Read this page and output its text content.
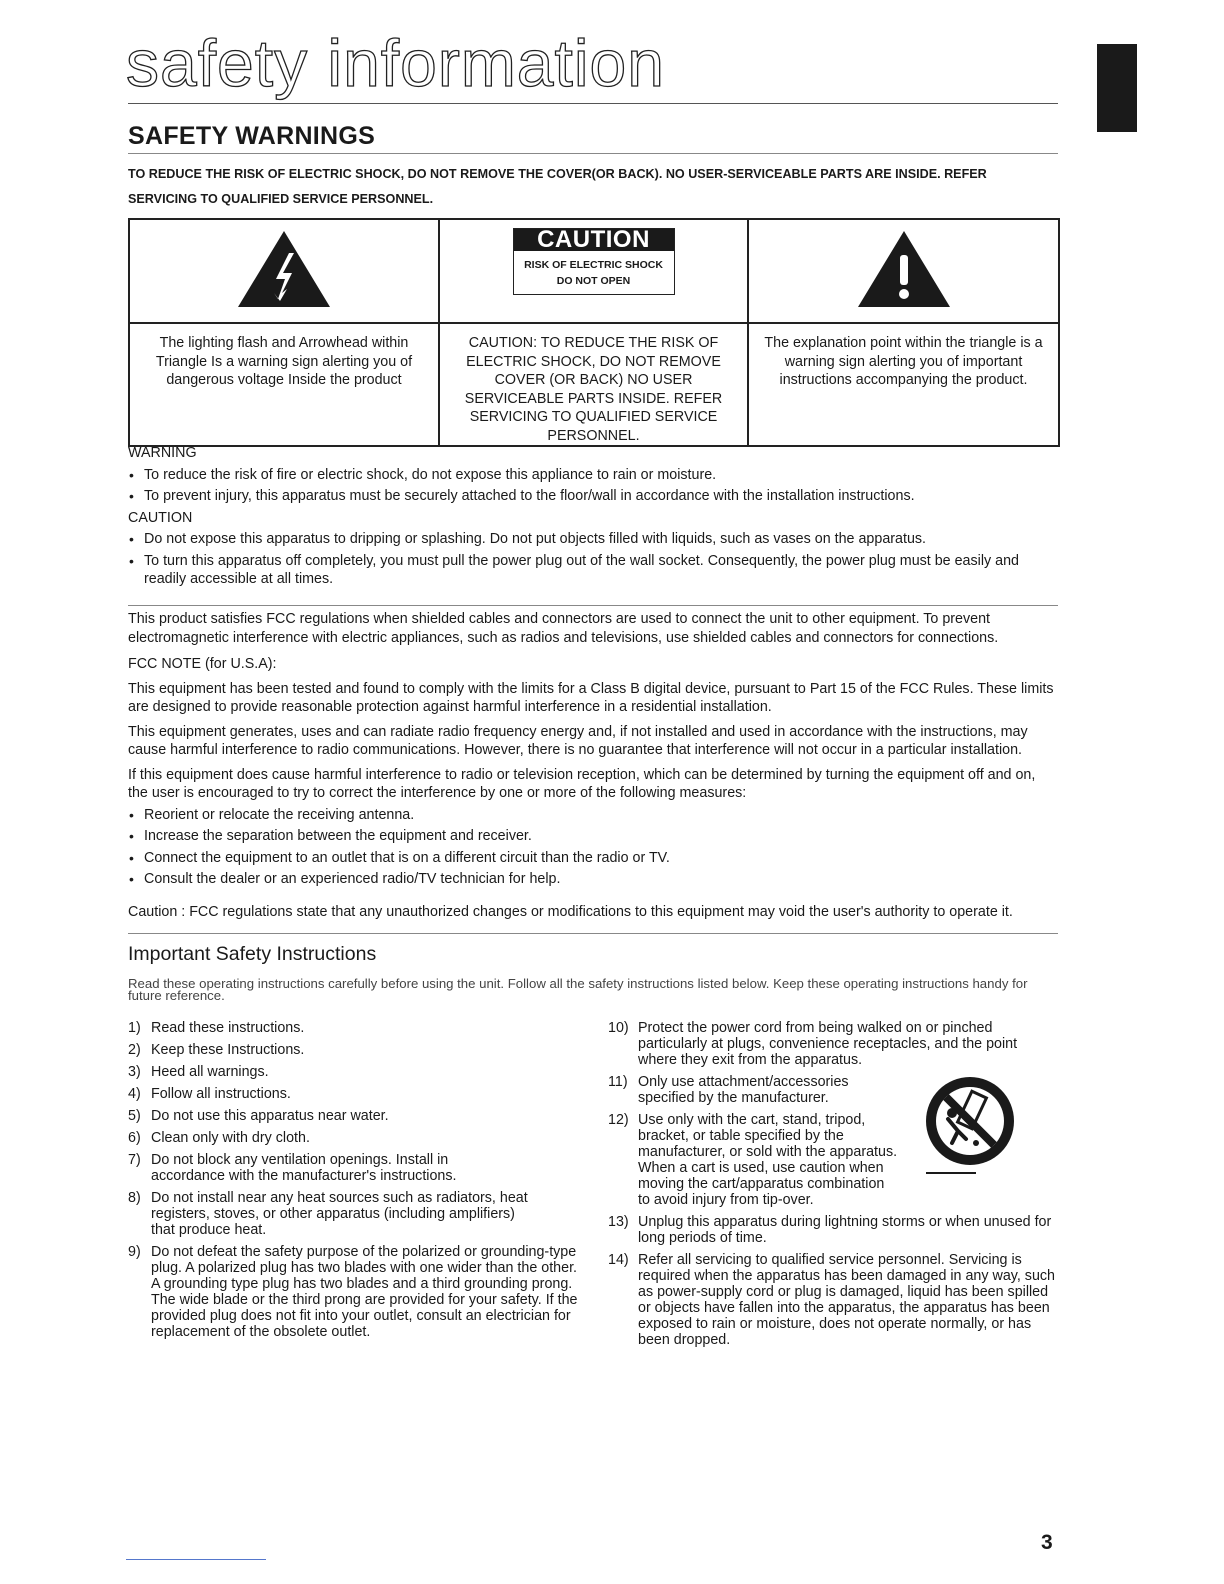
safety information
SAFETY WARNINGS
TO REDUCE THE RISK OF ELECTRIC SHOCK, DO NOT REMOVE THE COVER(OR BACK). NO USER-SERVICEABLE PARTS ARE INSIDE. REFER SERVICING TO QUALIFIED SERVICE PERSONNEL.

CAUTION
RISK OF ELECTRIC SHOCK
DO NOT OPEN

The lighting flash and Arrowhead within Triangle Is a warning sign alerting you of dangerous voltage Inside the product	CAUTION: TO REDUCE THE RISK OF ELECTRIC SHOCK, DO NOT REMOVE COVER (OR BACK) NO USER SERVICEABLE PARTS INSIDE. REFER SERVICING TO QUALIFIED SERVICE PERSONNEL.	The explanation point within the triangle is a warning sign alerting you of important instructions accompanying the product.
WARNING
• To reduce the risk of fire or electric shock, do not expose this appliance to rain or moisture.
• To prevent injury, this apparatus must be securely attached to the floor/wall in accordance with the installation instructions.
CAUTION
• Do not expose this apparatus to dripping or splashing. Do not put objects filled with liquids, such as vases on the apparatus.
• To turn this apparatus off completely, you must pull the power plug out of the wall socket. Consequently, the power plug must be easily and readily accessible at all times.
This product satisfies FCC regulations when shielded cables and connectors are used to connect the unit to other equipment. To prevent electromagnetic interference with electric appliances, such as radios and televisions, use shielded cables and connectors for connections.
FCC NOTE (for U.S.A):
This equipment has been tested and found to comply with the limits for a Class B digital device, pursuant to Part 15 of the FCC Rules. These limits are designed to provide reasonable protection against harmful interference in a residential installation.
This equipment generates, uses and can radiate radio frequency energy and, if not installed and used in accordance with the instructions, may cause harmful interference to radio communications. However, there is no guarantee that interference will not occur in a particular installation.
If this equipment does cause harmful interference to radio or television reception, which can be determined by turning the equipment off and on, the user is encouraged to try to correct the interference by one or more of the following measures:
• Reorient or relocate the receiving antenna.
• Increase the separation between the equipment and receiver.
• Connect the equipment to an outlet that is on a different circuit than the radio or TV.
• Consult the dealer or an experienced radio/TV technician for help.
Caution : FCC regulations state that any unauthorized changes or modifications to this equipment may void the user's authority to operate it.
Important Safety Instructions
Read these operating instructions carefully before using the unit. Follow all the safety instructions listed below. Keep these operating instructions handy for future reference.
1) Read these instructions.
2) Keep these Instructions.
3) Heed all warnings.
4) Follow all instructions.
5) Do not use this apparatus near water.
6) Clean only with dry cloth.
7) Do not block any ventilation openings. Install in accordance with the manufacturer's instructions.
8) Do not install near any heat sources such as radiators, heat registers, stoves, or other apparatus (including amplifiers) that produce heat.
9) Do not defeat the safety purpose of the polarized or grounding-type plug. A polarized plug has two blades with one wider than the other. A grounding type plug has two blades and a third grounding prong. The wide blade or the third prong are provided for your safety. If the provided plug does not fit into your outlet, consult an electrician for replacement of the obsolete outlet.
10) Protect the power cord from being walked on or pinched particularly at plugs, convenience receptacles, and the point where they exit from the apparatus.
11) Only use attachment/accessories specified by the manufacturer.
12) Use only with the cart, stand, tripod, bracket, or table specified by the manufacturer, or sold with the apparatus. When a cart is used, use caution when moving the cart/apparatus combination to avoid injury from tip-over.
13) Unplug this apparatus during lightning storms or when unused for long periods of time.
14) Refer all servicing to qualified service personnel. Servicing is required when the apparatus has been damaged in any way, such as power-supply cord or plug is damaged, liquid has been spilled or objects have fallen into the apparatus, the apparatus has been exposed to rain or moisture, does not operate normally, or has been dropped.
3
